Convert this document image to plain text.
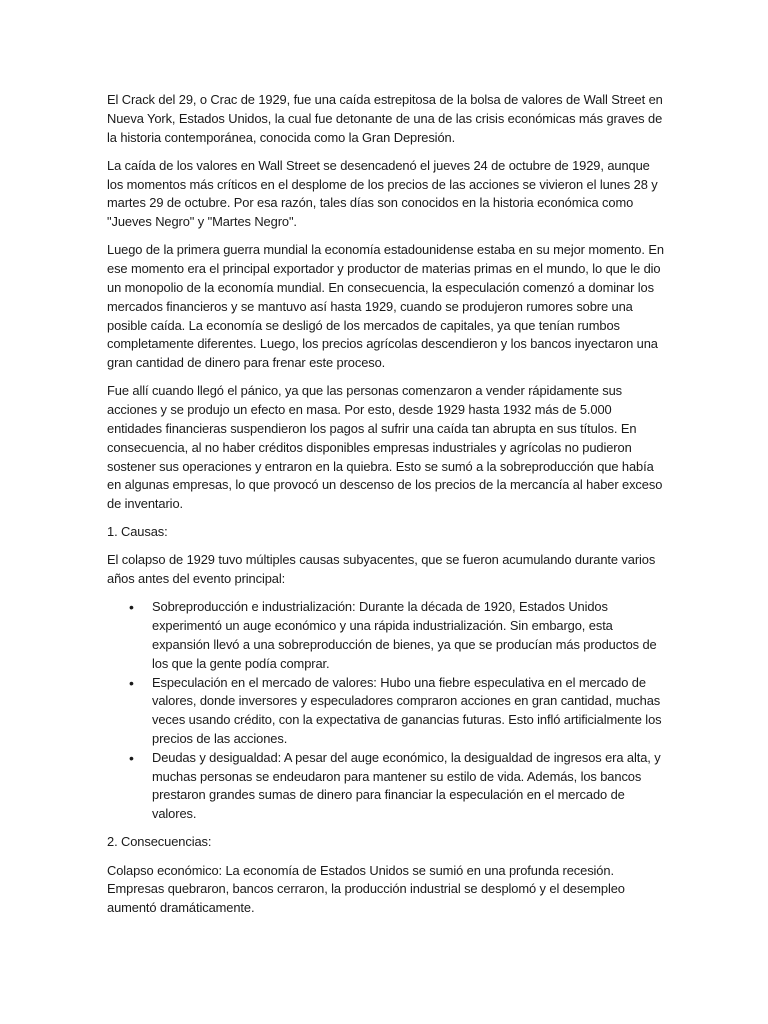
El Crack del 29, o Crac de 1929, fue una caída estrepitosa de la bolsa de valores de Wall Street en Nueva York, Estados Unidos, la cual fue detonante de una de las crisis económicas más graves de la historia contemporánea, conocida como la Gran Depresión.

La caída de los valores en Wall Street se desencadenó el jueves 24 de octubre de 1929, aunque los momentos más críticos en el desplome de los precios de las acciones se vivieron el lunes 28 y martes 29 de octubre. Por esa razón, tales días son conocidos en la historia económica como "Jueves Negro" y "Martes Negro".

Luego de la primera guerra mundial la economía estadounidense estaba en su mejor momento. En ese momento era el principal exportador y productor de materias primas en el mundo, lo que le dio un monopolio de la economía mundial. En consecuencia, la especulación comenzó a dominar los mercados financieros y se mantuvo así hasta 1929, cuando se produjeron rumores sobre una posible caída. La economía se desligó de los mercados de capitales, ya que tenían rumbos completamente diferentes. Luego, los precios agrícolas descendieron y los bancos inyectaron una gran cantidad de dinero para frenar este proceso.

Fue allí cuando llegó el pánico, ya que las personas comenzaron a vender rápidamente sus acciones y se produjo un efecto en masa. Por esto, desde 1929 hasta 1932 más de 5.000 entidades financieras suspendieron los pagos al sufrir una caída tan abrupta en sus títulos. En consecuencia, al no haber créditos disponibles empresas industriales y agrícolas no pudieron sostener sus operaciones y entraron en la quiebra. Esto se sumó a la sobreproducción que había en algunas empresas, lo que provocó un descenso de los precios de la mercancía al haber exceso de inventario.

1. Causas:

El colapso de 1929 tuvo múltiples causas subyacentes, que se fueron acumulando durante varios años antes del evento principal:

• Sobreproducción e industrialización: Durante la década de 1920, Estados Unidos experimentó un auge económico y una rápida industrialización. Sin embargo, esta expansión llevó a una sobreproducción de bienes, ya que se producían más productos de los que la gente podía comprar.
• Especulación en el mercado de valores: Hubo una fiebre especulativa en el mercado de valores, donde inversores y especuladores compraron acciones en gran cantidad, muchas veces usando crédito, con la expectativa de ganancias futuras. Esto infló artificialmente los precios de las acciones.
• Deudas y desigualdad: A pesar del auge económico, la desigualdad de ingresos era alta, y muchas personas se endeudaron para mantener su estilo de vida. Además, los bancos prestaron grandes sumas de dinero para financiar la especulación en el mercado de valores.

2. Consecuencias:

Colapso económico: La economía de Estados Unidos se sumió en una profunda recesión. Empresas quebraron, bancos cerraron, la producción industrial se desplomó y el desempleo aumentó dramáticamente.
